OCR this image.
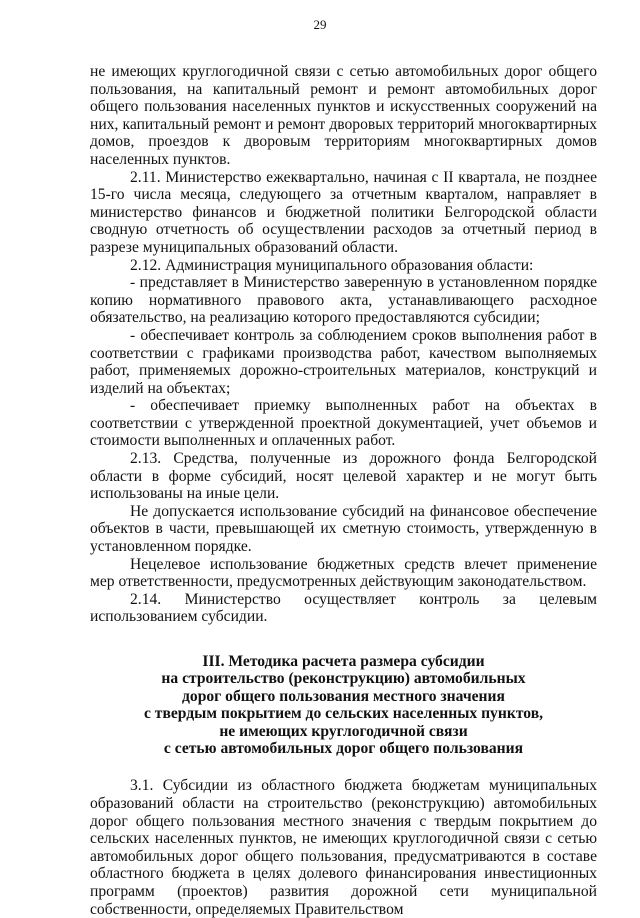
29

не имеющих круглогодичной связи с сетью автомобильных дорог общего пользования, на капитальный ремонт и ремонт автомобильных дорог общего пользования населенных пунктов и искусственных сооружений на них, капитальный ремонт и ремонт дворовых территорий многоквартирных домов, проездов к дворовым территориям многоквартирных домов населенных пунктов.

2.11. Министерство ежеквартально, начиная с II квартала, не позднее 15-го числа месяца, следующего за отчетным кварталом, направляет в министерство финансов и бюджетной политики Белгородской области сводную отчетность об осуществлении расходов за отчетный период в разрезе муниципальных образований области.

2.12. Администрация муниципального образования области:

- представляет в Министерство заверенную в установленном порядке копию нормативного правового акта, устанавливающего расходное обязательство, на реализацию которого предоставляются субсидии;

- обеспечивает контроль за соблюдением сроков выполнения работ в соответствии с графиками производства работ, качеством выполняемых работ, применяемых дорожно-строительных материалов, конструкций и изделий на объектах;

- обеспечивает приемку выполненных работ на объектах в соответствии с утвержденной проектной документацией, учет объемов и стоимости выполненных и оплаченных работ.

2.13. Средства, полученные из дорожного фонда Белгородской области в форме субсидий, носят целевой характер и не могут быть использованы на иные цели.

Не допускается использование субсидий на финансовое обеспечение объектов в части, превышающей их сметную стоимость, утвержденную в установленном порядке.

Нецелевое использование бюджетных средств влечет применение мер ответственности, предусмотренных действующим законодательством.

2.14. Министерство осуществляет контроль за целевым использованием субсидии.

III. Методика расчета размера субсидии
на строительство (реконструкцию) автомобильных
дорог общего пользования местного значения
с твердым покрытием до сельских населенных пунктов,
не имеющих круглогодичной связи
с сетью автомобильных дорог общего пользования

3.1. Субсидии из областного бюджета бюджетам муниципальных образований области на строительство (реконструкцию) автомобильных дорог общего пользования местного значения с твердым покрытием до сельских населенных пунктов, не имеющих круглогодичной связи с сетью автомобильных дорог общего пользования, предусматриваются в составе областного бюджета в целях долевого финансирования инвестиционных программ (проектов) развития дорожной сети муниципальной собственности, определяемых Правительством
